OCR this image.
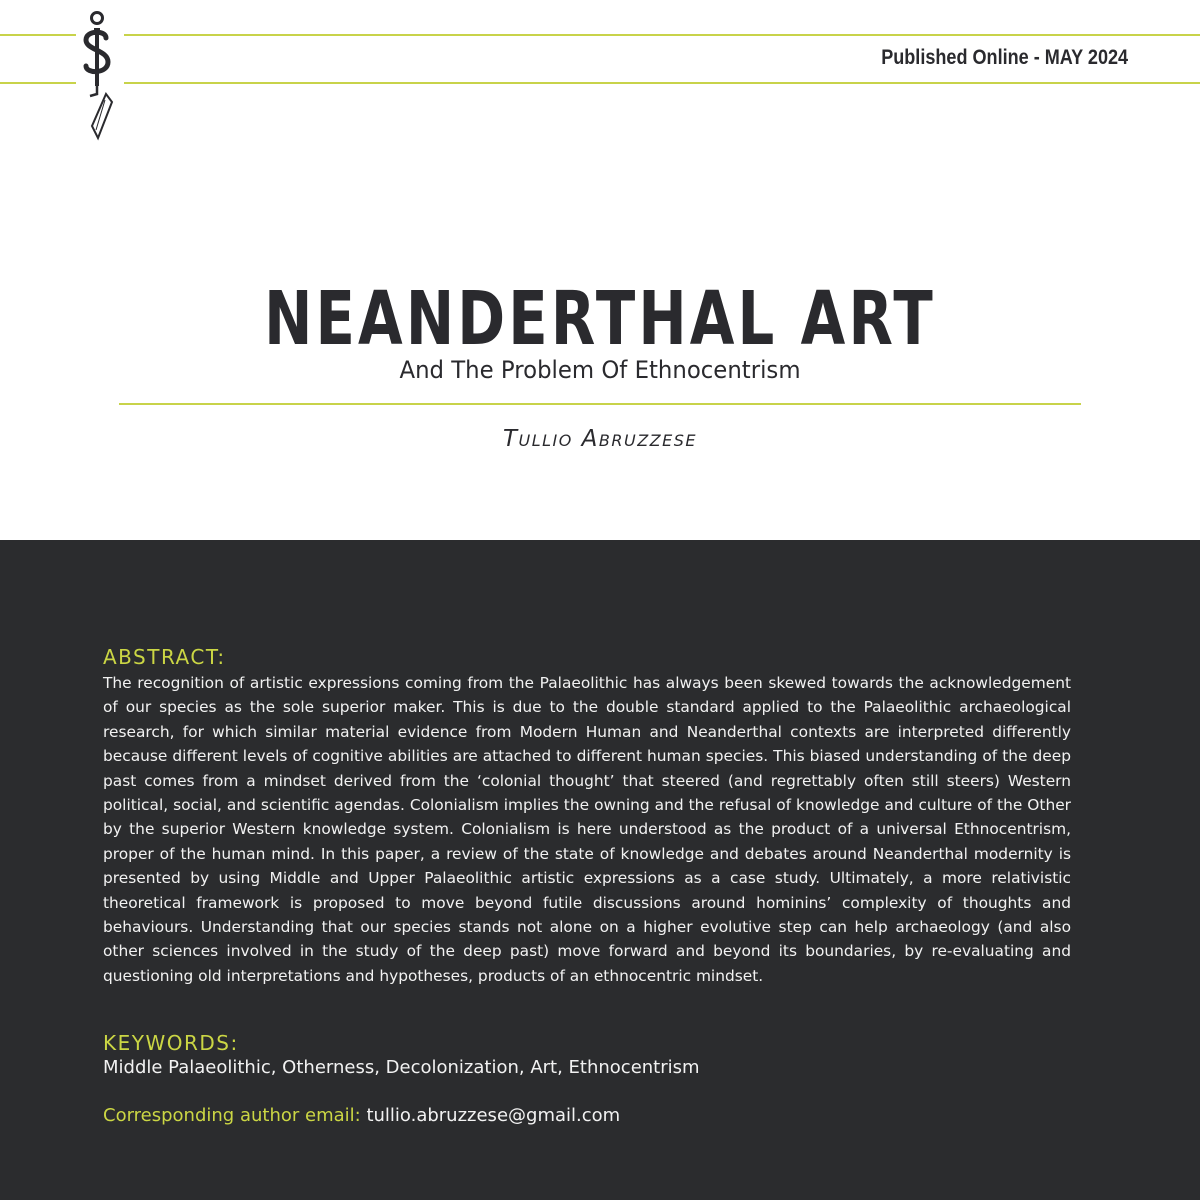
Published Online - MAY 2024
NEANDERTHAL ART
And The Problem Of Ethnocentrism
Tullio Abruzzese
ABSTRACT:
The recognition of artistic expressions coming from the Palaeolithic has always been skewed towards the acknowledgement of our species as the sole superior maker. This is due to the double standard applied to the Palaeolithic archaeological research, for which similar material evidence from Modern Human and Neanderthal contexts are interpreted differently because different levels of cognitive abilities are attached to different human species. This biased understanding of the deep past comes from a mindset derived from the ‘colonial thought’ that steered (and regrettably often still steers) Western political, social, and scientific agendas. Colonialism implies the owning and the refusal of knowledge and culture of the Other by the superior Western knowledge system. Colonialism is here understood as the product of a universal Ethnocentrism, proper of the human mind. In this paper, a review of the state of knowledge and debates around Neanderthal modernity is presented by using Middle and Upper Palaeolithic artistic expressions as a case study. Ultimately, a more relativistic theoretical framework is proposed to move beyond futile discussions around hominins’ complexity of thoughts and behaviours. Understanding that our species stands not alone on a higher evolutive step can help archaeology (and also other sciences involved in the study of the deep past) move forward and beyond its boundaries, by re-evaluating and questioning old interpretations and hypotheses, products of an ethnocentric mindset.
KEYWORDS:
Middle Palaeolithic, Otherness, Decolonization, Art, Ethnocentrism
Corresponding author email: tullio.abruzzese@gmail.com
